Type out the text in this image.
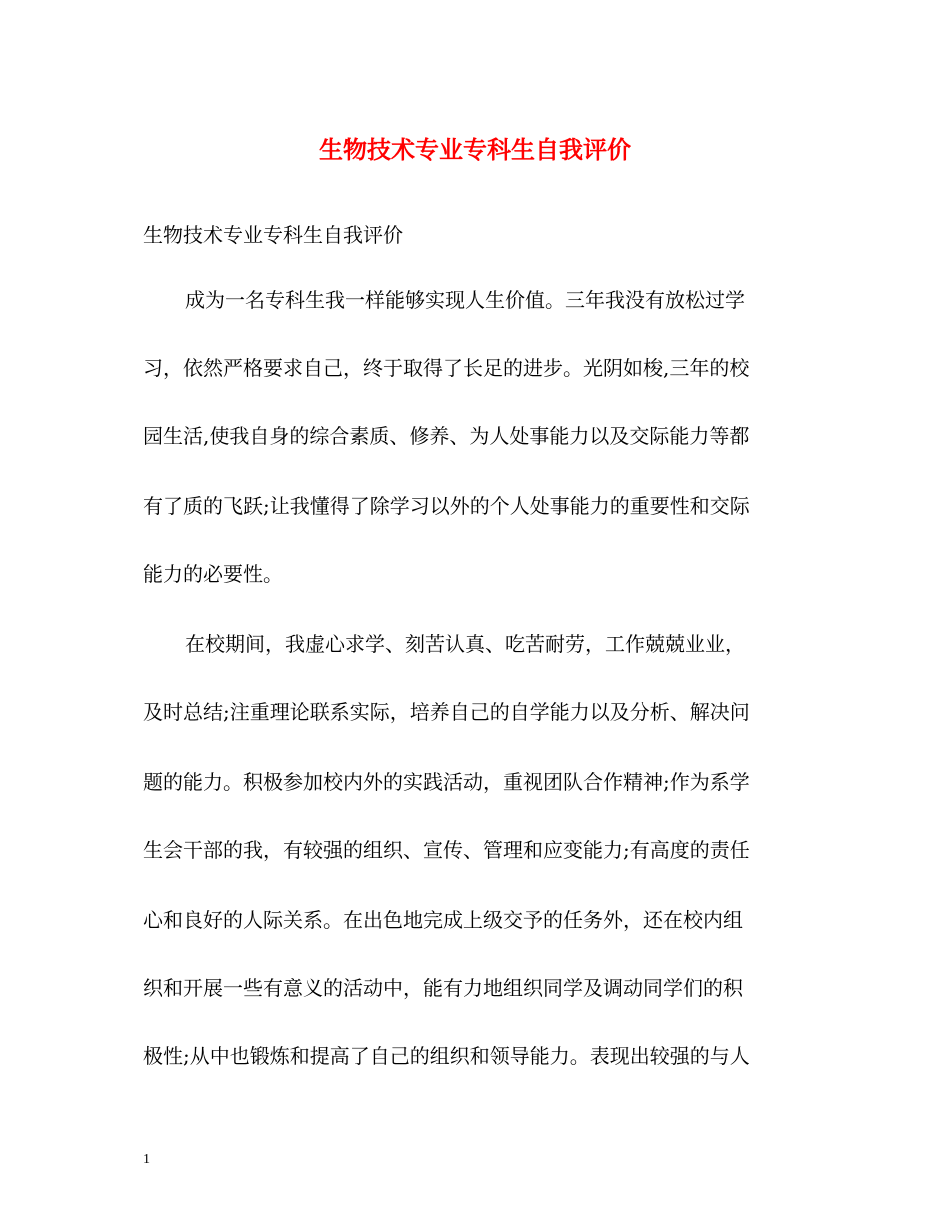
生物技术专业专科生自我评价
生物技术专业专科生自我评价
成为一名专科生我一样能够实现人生价值。三年我没有放松过学
习，依然严格要求自己，终于取得了长足的进步。光阴如梭,三年的校
园生活,使我自身的综合素质、修养、为人处事能力以及交际能力等都
有了质的飞跃;让我懂得了除学习以外的个人处事能力的重要性和交际
能力的必要性。
在校期间，我虚心求学、刻苦认真、吃苦耐劳，工作兢兢业业，
及时总结;注重理论联系实际，培养自己的自学能力以及分析、解决问
题的能力。积极参加校内外的实践活动，重视团队合作精神;作为系学
生会干部的我，有较强的组织、宣传、管理和应变能力;有高度的责任
心和良好的人际关系。在出色地完成上级交予的任务外，还在校内组
织和开展一些有意义的活动中，能有力地组织同学及调动同学们的积
极性;从中也锻炼和提高了自己的组织和领导能力。表现出较强的与人
1
